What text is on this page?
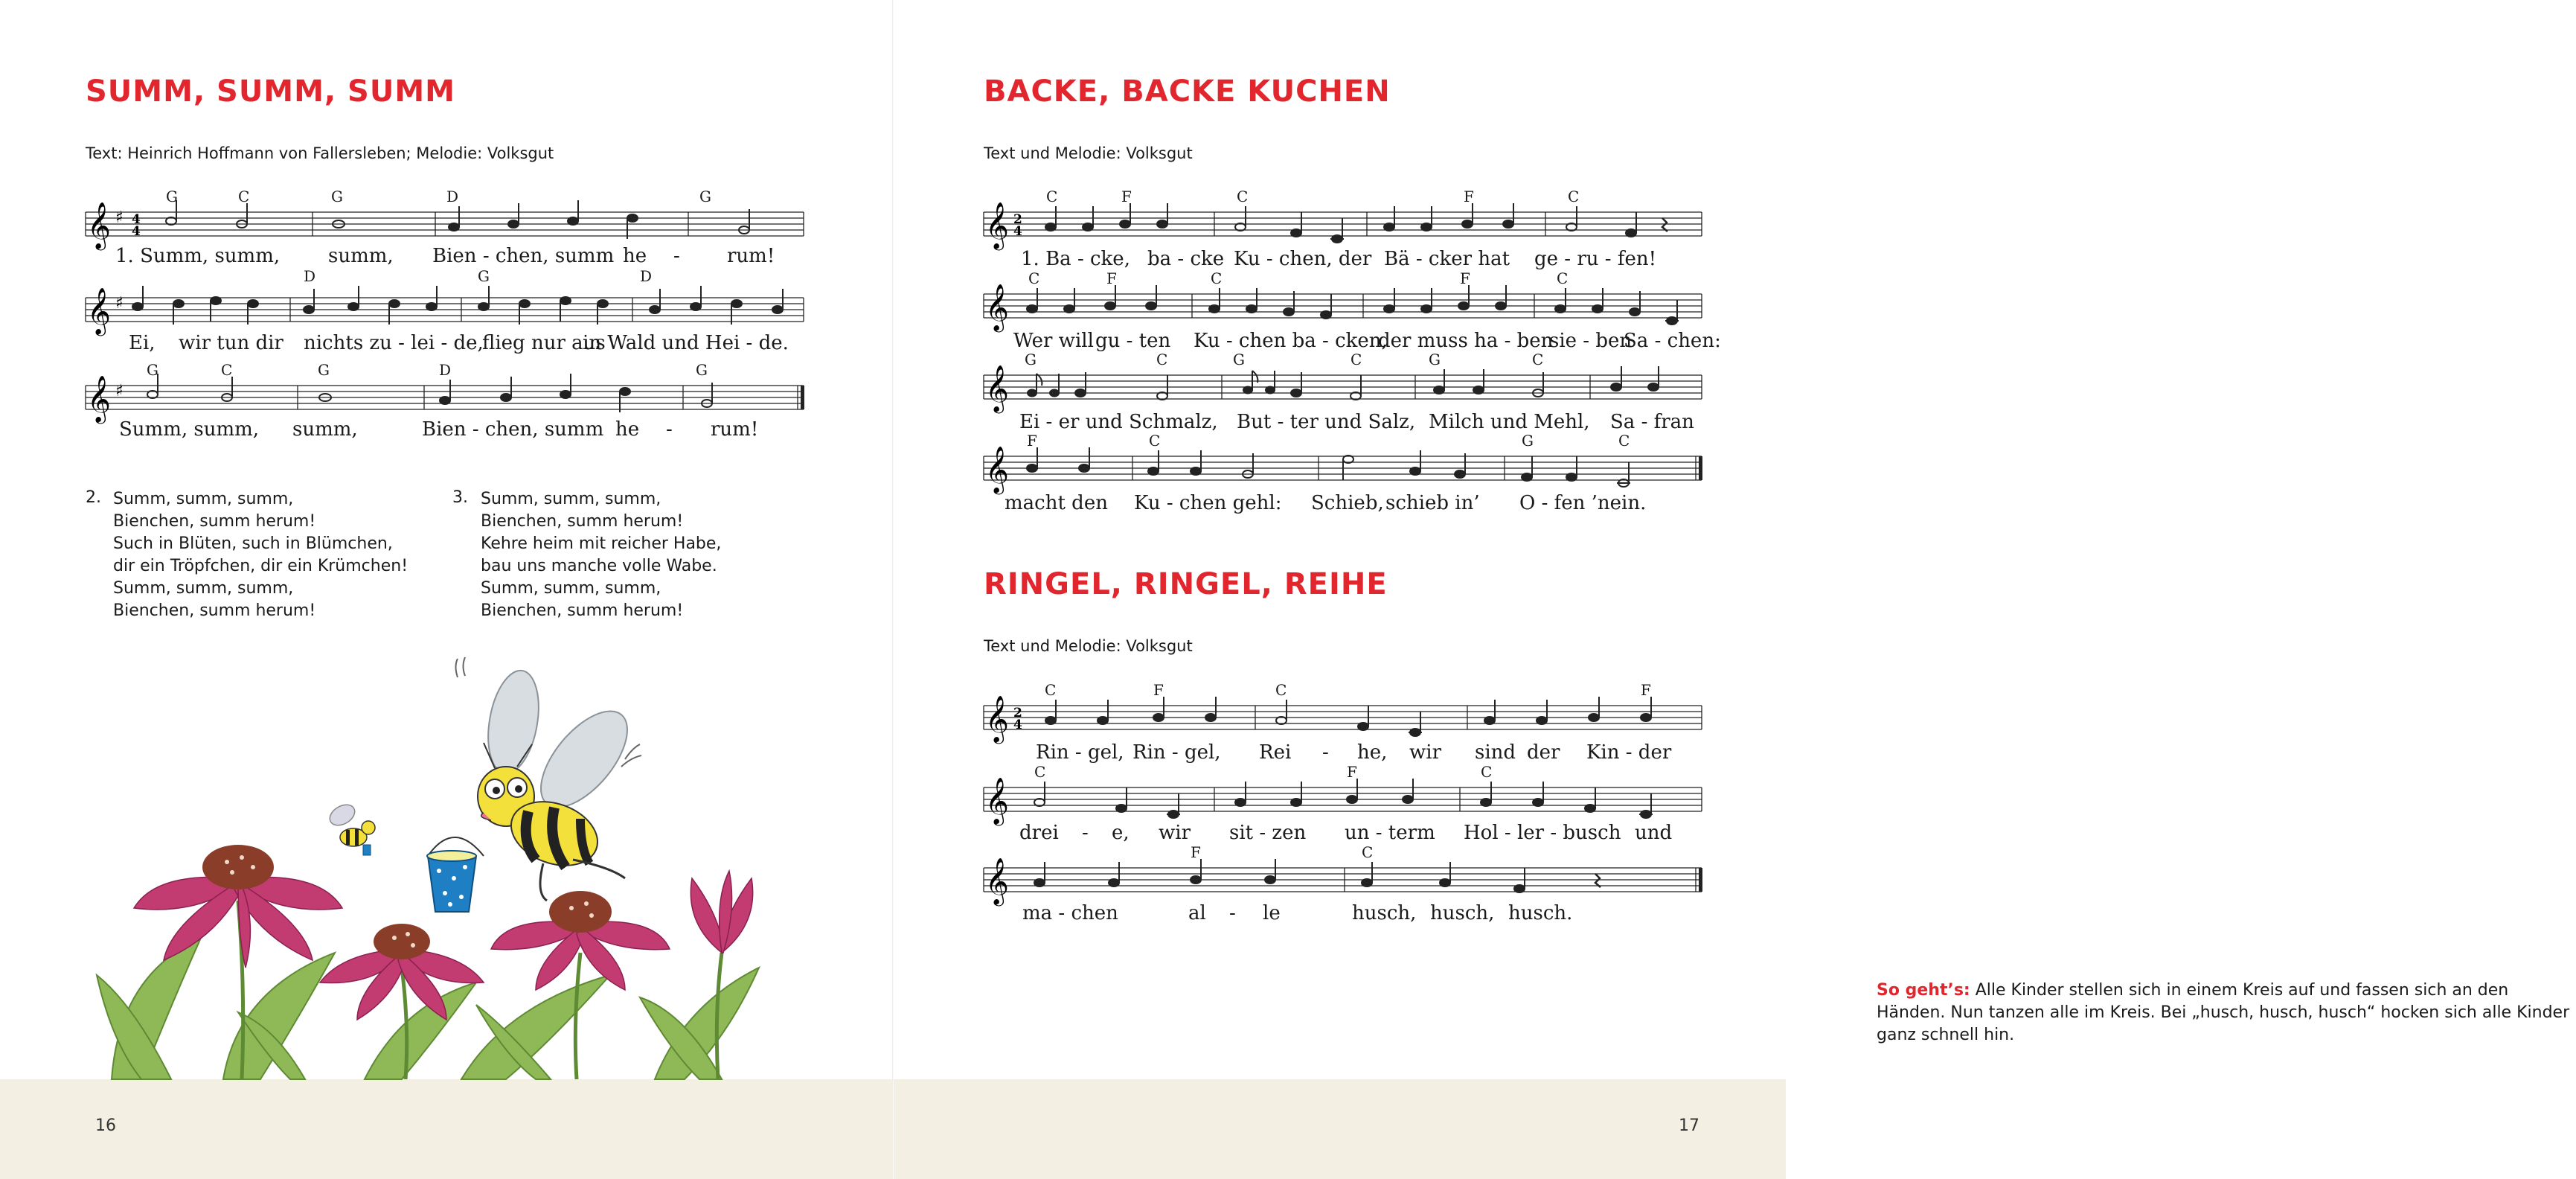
SUMM, SUMM, SUMM
Text: Heinrich Hoffmann von Fallersleben; Melodie: Volksgut
𝄞 ♯ 4
4
G	C	G	D	G
1. Summ, summ, summ, Bien - chen, summ he - rum!
𝄞 ♯
D	G	D
Ei, wir tun dir nichts zu - lei - de,
flieg nur aus
in Wald und Hei - de.
𝄞 ♯
G	C	G	D	G
Summ, summ, summ,	Bien - chen, summ he - rum!
2. Summ, summ, summ,
Bienchen, summ herum!
Such in Blüten, such in Blümchen,
dir ein Tröpfchen, dir ein Krümchen!
Summ, summ, summ,
Bienchen, summ herum!
3. Summ, summ, summ,
Bienchen, summ herum!
Kehre heim mit reicher Habe,
bau uns manche volle Wabe.
Summ, summ, summ,
Bienchen, summ herum!
16
BACKE, BACKE KUCHEN
Text und Melodie: Volksgut
𝄞 2
4
C	F	C	F	C
1. Ba - cke, ba - cke Ku - chen, der Bä - cker hat ge - ru - fen!
𝄞
C	F	C	F	C
Wer will gu - ten Ku - chen ba - cken,
der muss ha - ben
sie - ben
Sa - chen:
𝄞
G	C	G	C	G	C
Ei - er und Schmalz, But - ter und Salz, Milch und Mehl, Sa - fran
𝄞
F	C	G	C
macht den Ku - chen gehl: Schieb, schieb in’ O - fen ’nein.
RINGEL, RINGEL, REIHE
Text und Melodie: Volksgut
𝄞 2
4
C	F	C	F
Rin - gel, Rin - gel, Rei - he, wir sind der Kin - der
𝄞
C	F	C
drei - e, wir sit - zen un - term Hol - ler - busch und
𝄞
F	C
ma - chen	al - le	husch, husch, husch.
So geht’s: Alle Kinder stellen sich in einem Kreis auf und fassen sich an den Händen. Nun tanzen alle im Kreis. Bei „husch, husch, husch“ hocken sich alle Kinder ganz schnell hin.
17
